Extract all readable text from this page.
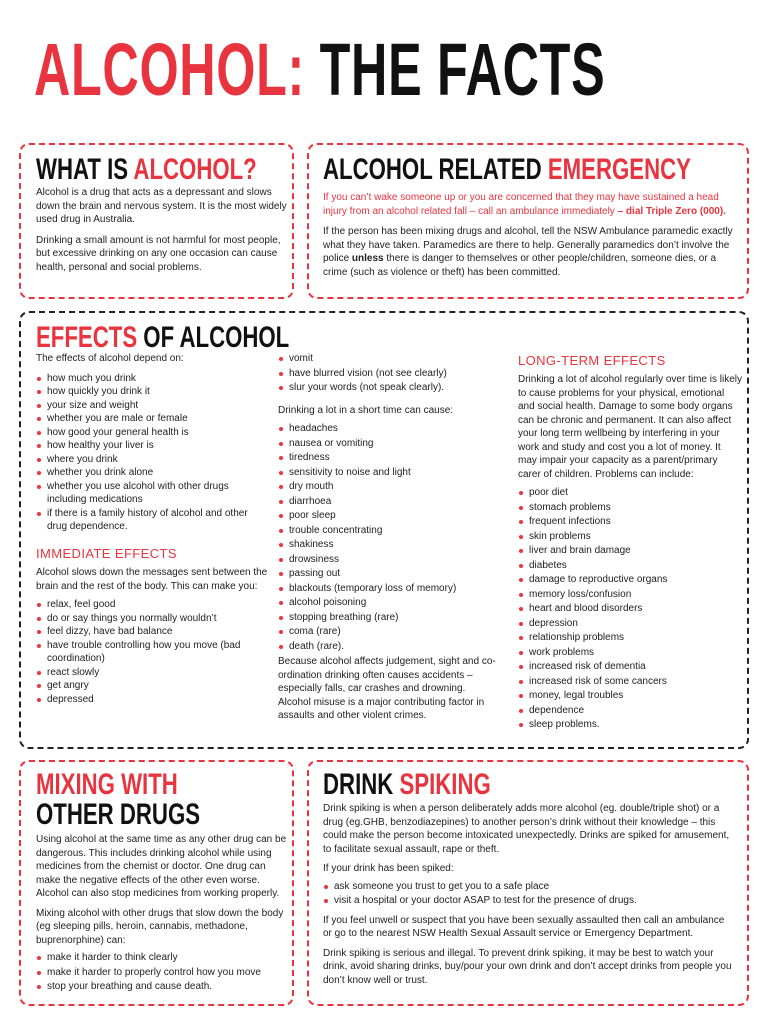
ALCOHOL: THE FACTS
WHAT IS ALCOHOL?

Alcohol is a drug that acts as a depressant and slows down the brain and nervous system. It is the most widely used drug in Australia.

Drinking a small amount is not harmful for most people, but excessive drinking on any one occasion can cause health, personal and social problems.

ALCOHOL RELATED EMERGENCY

If you can’t wake someone up or you are concerned that they may have sustained a head injury from an alcohol related fall – call an ambulance immediately – dial Triple Zero (000).

If the person has been mixing drugs and alcohol, tell the NSW Ambulance paramedic exactly what they have taken. Paramedics are there to help. Generally paramedics don’t involve the police unless there is danger to themselves or other people/children, someone dies, or a crime (such as violence or theft) has been committed.

EFFECTS OF ALCOHOL

The effects of alcohol depend on:

how much you drink
how quickly you drink it
your size and weight
whether you are male or female
how good your general health is
how healthy your liver is
where you drink
whether you drink alone
whether you use alcohol with other drugs including medications
if there is a family history of alcohol and other drug dependence.
IMMEDIATE EFFECTS

Alcohol slows down the messages sent between the brain and the rest of the body. This can make you:

relax, feel good
do or say things you normally wouldn’t
feel dizzy, have bad balance
have trouble controlling how you move (bad coordination)
react slowly
get angry
depressed
vomit
have blurred vision (not see clearly)
slur your words (not speak clearly).

Drinking a lot in a short time can cause:

headaches
nausea or vomiting
tiredness
sensitivity to noise and light
dry mouth
diarrhoea
poor sleep
trouble concentrating
shakiness
drowsiness
passing out
blackouts (temporary loss of memory)
alcohol poisoning
stopping breathing (rare)
coma (rare)
death (rare).

Because alcohol affects judgement, sight and co-ordination drinking often causes accidents – especially falls, car crashes and drowning. Alcohol misuse is a major contributing factor in assaults and other violent crimes.

LONG-TERM EFFECTS

Drinking a lot of alcohol regularly over time is likely to cause problems for your physical, emotional and social health. Damage to some body organs can be chronic and permanent. It can also affect your long term wellbeing by interfering in your work and study and cost you a lot of money. It may impair your capacity as a parent/primary carer of children. Problems can include:

poor diet
stomach problems
frequent infections
skin problems
liver and brain damage
diabetes
damage to reproductive organs
memory loss/confusion
heart and blood disorders
depression
relationship problems
work problems
increased risk of dementia
increased risk of some cancers
money, legal troubles
dependence
sleep problems.
MIXING WITH
OTHER DRUGS

Using alcohol at the same time as any other drug can be dangerous. This includes drinking alcohol while using medicines from the chemist or doctor. One drug can make the negative effects of the other even worse. Alcohol can also stop medicines from working properly.

Mixing alcohol with other drugs that slow down the body (eg sleeping pills, heroin, cannabis, methadone, buprenorphine) can:

make it harder to think clearly
make it harder to properly control how you move
stop your breathing and cause death.
DRINK SPIKING

Drink spiking is when a person deliberately adds more alcohol (eg. double/triple shot) or a drug (eg.GHB, benzodiazepines) to another person’s drink without their knowledge – this could make the person become intoxicated unexpectedly. Drinks are spiked for amusement, to facilitate sexual assault, rape or theft.

If your drink has been spiked:

ask someone you trust to get you to a safe place
visit a hospital or your doctor ASAP to test for the presence of drugs.

If you feel unwell or suspect that you have been sexually assaulted then call an ambulance or go to the nearest NSW Health Sexual Assault service or Emergency Department.

Drink spiking is serious and illegal. To prevent drink spiking, it may be best to watch your drink, avoid sharing drinks, buy/pour your own drink and don’t accept drinks from people you don’t know well or trust.
